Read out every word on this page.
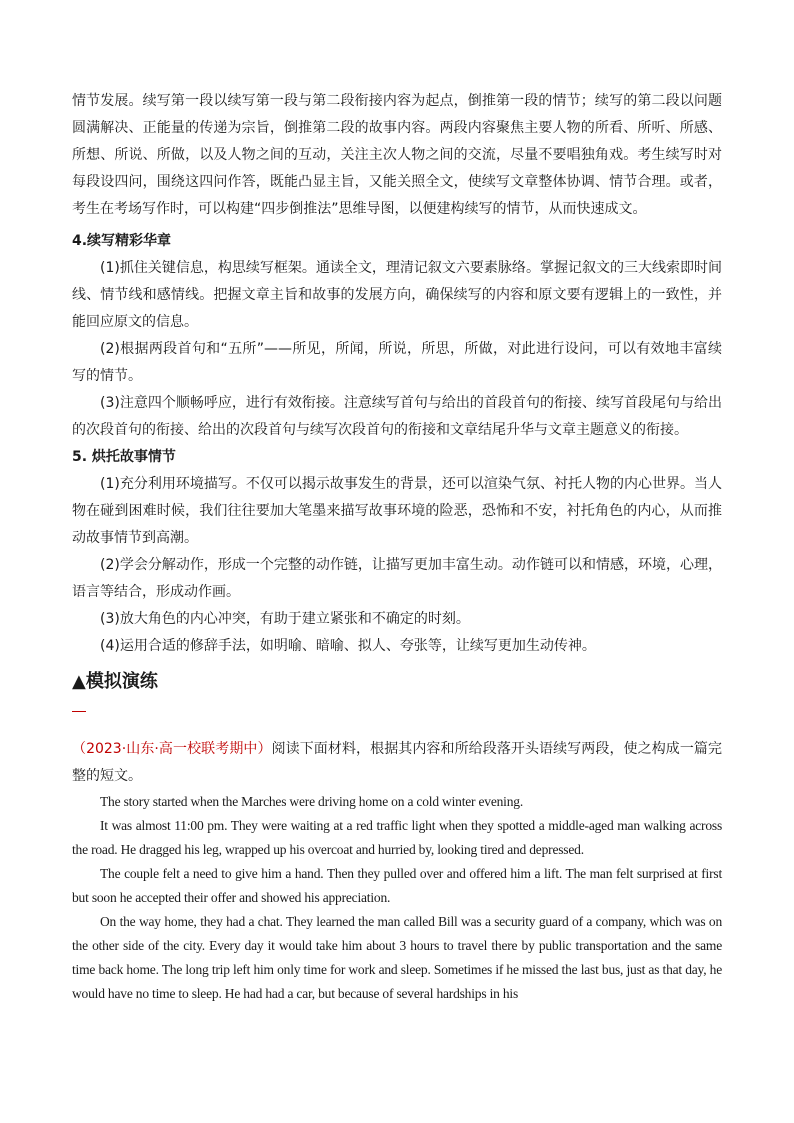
情节发展。续写第一段以续写第一段与第二段衔接内容为起点，倒推第一段的情节；续写的第二段以问题圆满解决、正能量的传递为宗旨，倒推第二段的故事内容。两段内容聚焦主要人物的所看、所听、所感、所想、所说、所做，以及人物之间的互动，关注主次人物之间的交流，尽量不要唱独角戏。考生续写时对每段设四问，围绕这四问作答，既能凸显主旨，又能关照全文，使续写文章整体协调、情节合理。或者，考生在考场写作时，可以构建“四步倒推法”思维导图，以便建构续写的情节，从而快速成文。

4.续写精彩华章

(1)抓住关键信息，构思续写框架。通读全文，理清记叙文六要素脉络。掌握记叙文的三大线索即时间线、情节线和感情线。把握文章主旨和故事的发展方向，确保续写的内容和原文要有逻辑上的一致性，并能回应原文的信息。

(2)根据两段首句和“五所”——所见，所闻，所说，所思，所做，对此进行设问，可以有效地丰富续写的情节。

(3)注意四个顺畅呼应，进行有效衔接。注意续写首句与给出的首段首句的衔接、续写首段尾句与给出的次段首句的衔接、给出的次段首句与续写次段首句的衔接和文章结尾升华与文章主题意义的衔接。

5. 烘托故事情节

(1)充分利用环境描写。不仅可以揭示故事发生的背景，还可以渲染气氛、衬托人物的内心世界。当人物在碰到困难时候，我们往往要加大笔墨来描写故事环境的险恶，恐怖和不安，衬托角色的内心，从而推动故事情节到高潮。

(2)学会分解动作，形成一个完整的动作链，让描写更加丰富生动。动作链可以和情感，环境，心理，语言等结合，形成动作画。

(3)放大角色的内心冲突，有助于建立紧张和不确定的时刻。

(4)运用合适的修辞手法，如明喻、暗喻、拟人、夸张等，让续写更加生动传神。

▲模拟演练

（2023·山东·高一校联考期中）阅读下面材料，根据其内容和所给段落开头语续写两段，使之构成一篇完整的短文。

The story started when the Marches were driving home on a cold winter evening.

It was almost 11:00 pm. They were waiting at a red traffic light when they spotted a middle-aged man walking across the road. He dragged his leg, wrapped up his overcoat and hurried by, looking tired and depressed.

The couple felt a need to give him a hand. Then they pulled over and offered him a lift. The man felt surprised at first but soon he accepted their offer and showed his appreciation.

On the way home, they had a chat. They learned the man called Bill was a security guard of a company, which was on the other side of the city. Every day it would take him about 3 hours to travel there by public transportation and the same time back home. The long trip left him only time for work and sleep. Sometimes if he missed the last bus, just as that day, he would have no time to sleep. He had had a car, but because of several hardships in his
